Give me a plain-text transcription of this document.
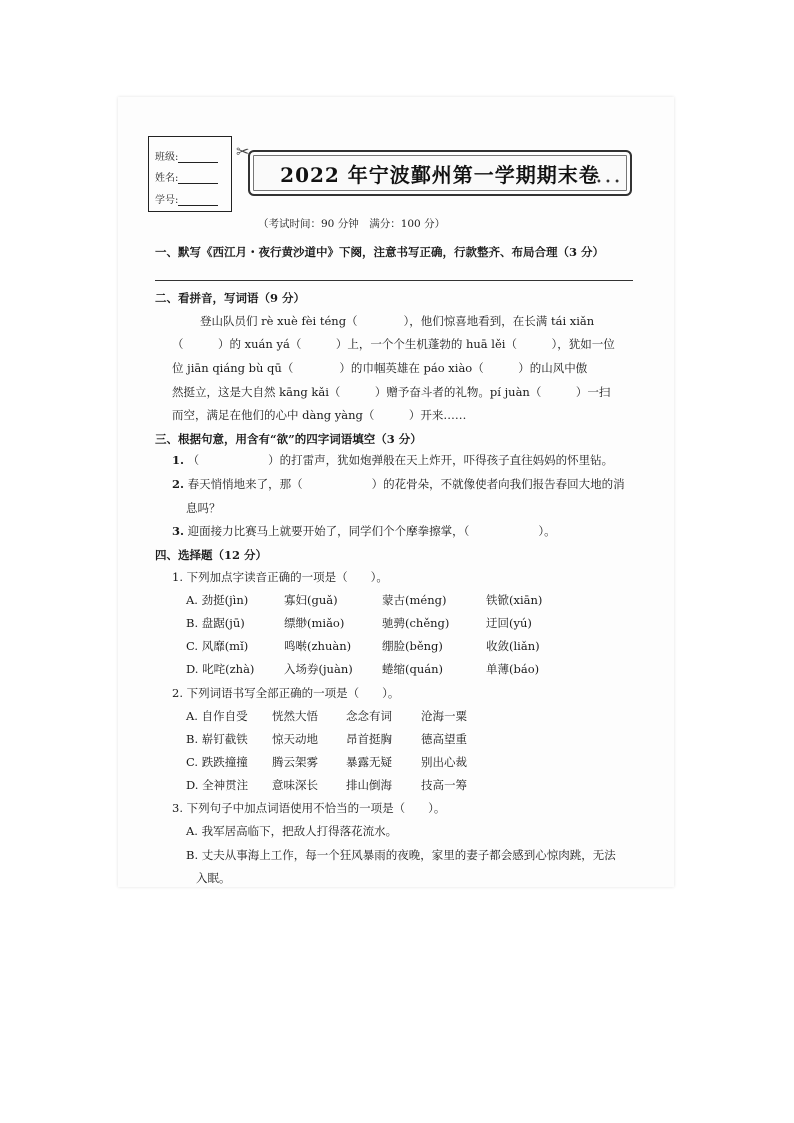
班级:
姓名:
学号:
✂
2022 年宁波鄞州第一学期期末卷
• • •
（考试时间：90 分钟　满分：100 分）
一、默写《西江月・夜行黄沙道中》下阕，注意书写正确，行款整齐、布局合理（3 分）
二、看拼音，写词语（9 分）
登山队员们 rè xuè fèi téng（　　　　），他们惊喜地看到，在长满 tái xiǎn
（　　　）的 xuán yá（　　　）上，一个个生机蓬勃的 huā lěi（　　　），犹如一位
位 jiān qiáng bù qū（　　　　）的巾帼英雄在 páo xiào（　　　）的山风中傲
然挺立，这是大自然 kāng kǎi（　　　）赠予奋斗者的礼物。pí juàn（　　　）一扫
而空，满足在他们的心中 dàng yàng（　　　）开来……
三、根据句意，用含有“欲”的四字词语填空（3 分）
1. （　　　　　　）的打雷声，犹如炮弹般在天上炸开，吓得孩子直往妈妈的怀里钻。
2. 春天悄悄地来了，那（　　　　　　）的花骨朵，不就像使者向我们报告春回大地的消
息吗？
3. 迎面接力比赛马上就要开始了，同学们个个摩拳擦掌，（　　　　　　）。
四、选择题（12 分）
1. 下列加点字读音正确的一项是（　　）。
A. 劲挺(jìn)	寡妇(guǎ)	蒙古(méng)	铁锨(xiān)
B. 盘踞(jū)	缥缈(miǎo)	驰骋(chěng)	迂回(yú)
C. 风靡(mǐ)	鸣啭(zhuàn)	绷脸(běng)	收敛(liǎn)
D. 叱咤(zhà)	入场券(juàn)	蜷缩(quán)	单薄(báo)
2. 下列词语书写全部正确的一项是（　　）。
A. 自作自受 恍然大悟 念念有词	沧海一粟
B. 崭钉截铁 惊天动地 昂首挺胸	德高望重
C. 跌跌撞撞 腾云架雾 暴露无疑	别出心裁
D. 全神贯注 意味深长 排山倒海	技高一筹
3. 下列句子中加点词语使用不恰当的一项是（　　）。
A. 我军居高临下，把敌人打得落花流水。
B. 丈夫从事海上工作，每一个狂风暴雨的夜晚，家里的妻子都会感到心惊肉跳，无法
入眠。
